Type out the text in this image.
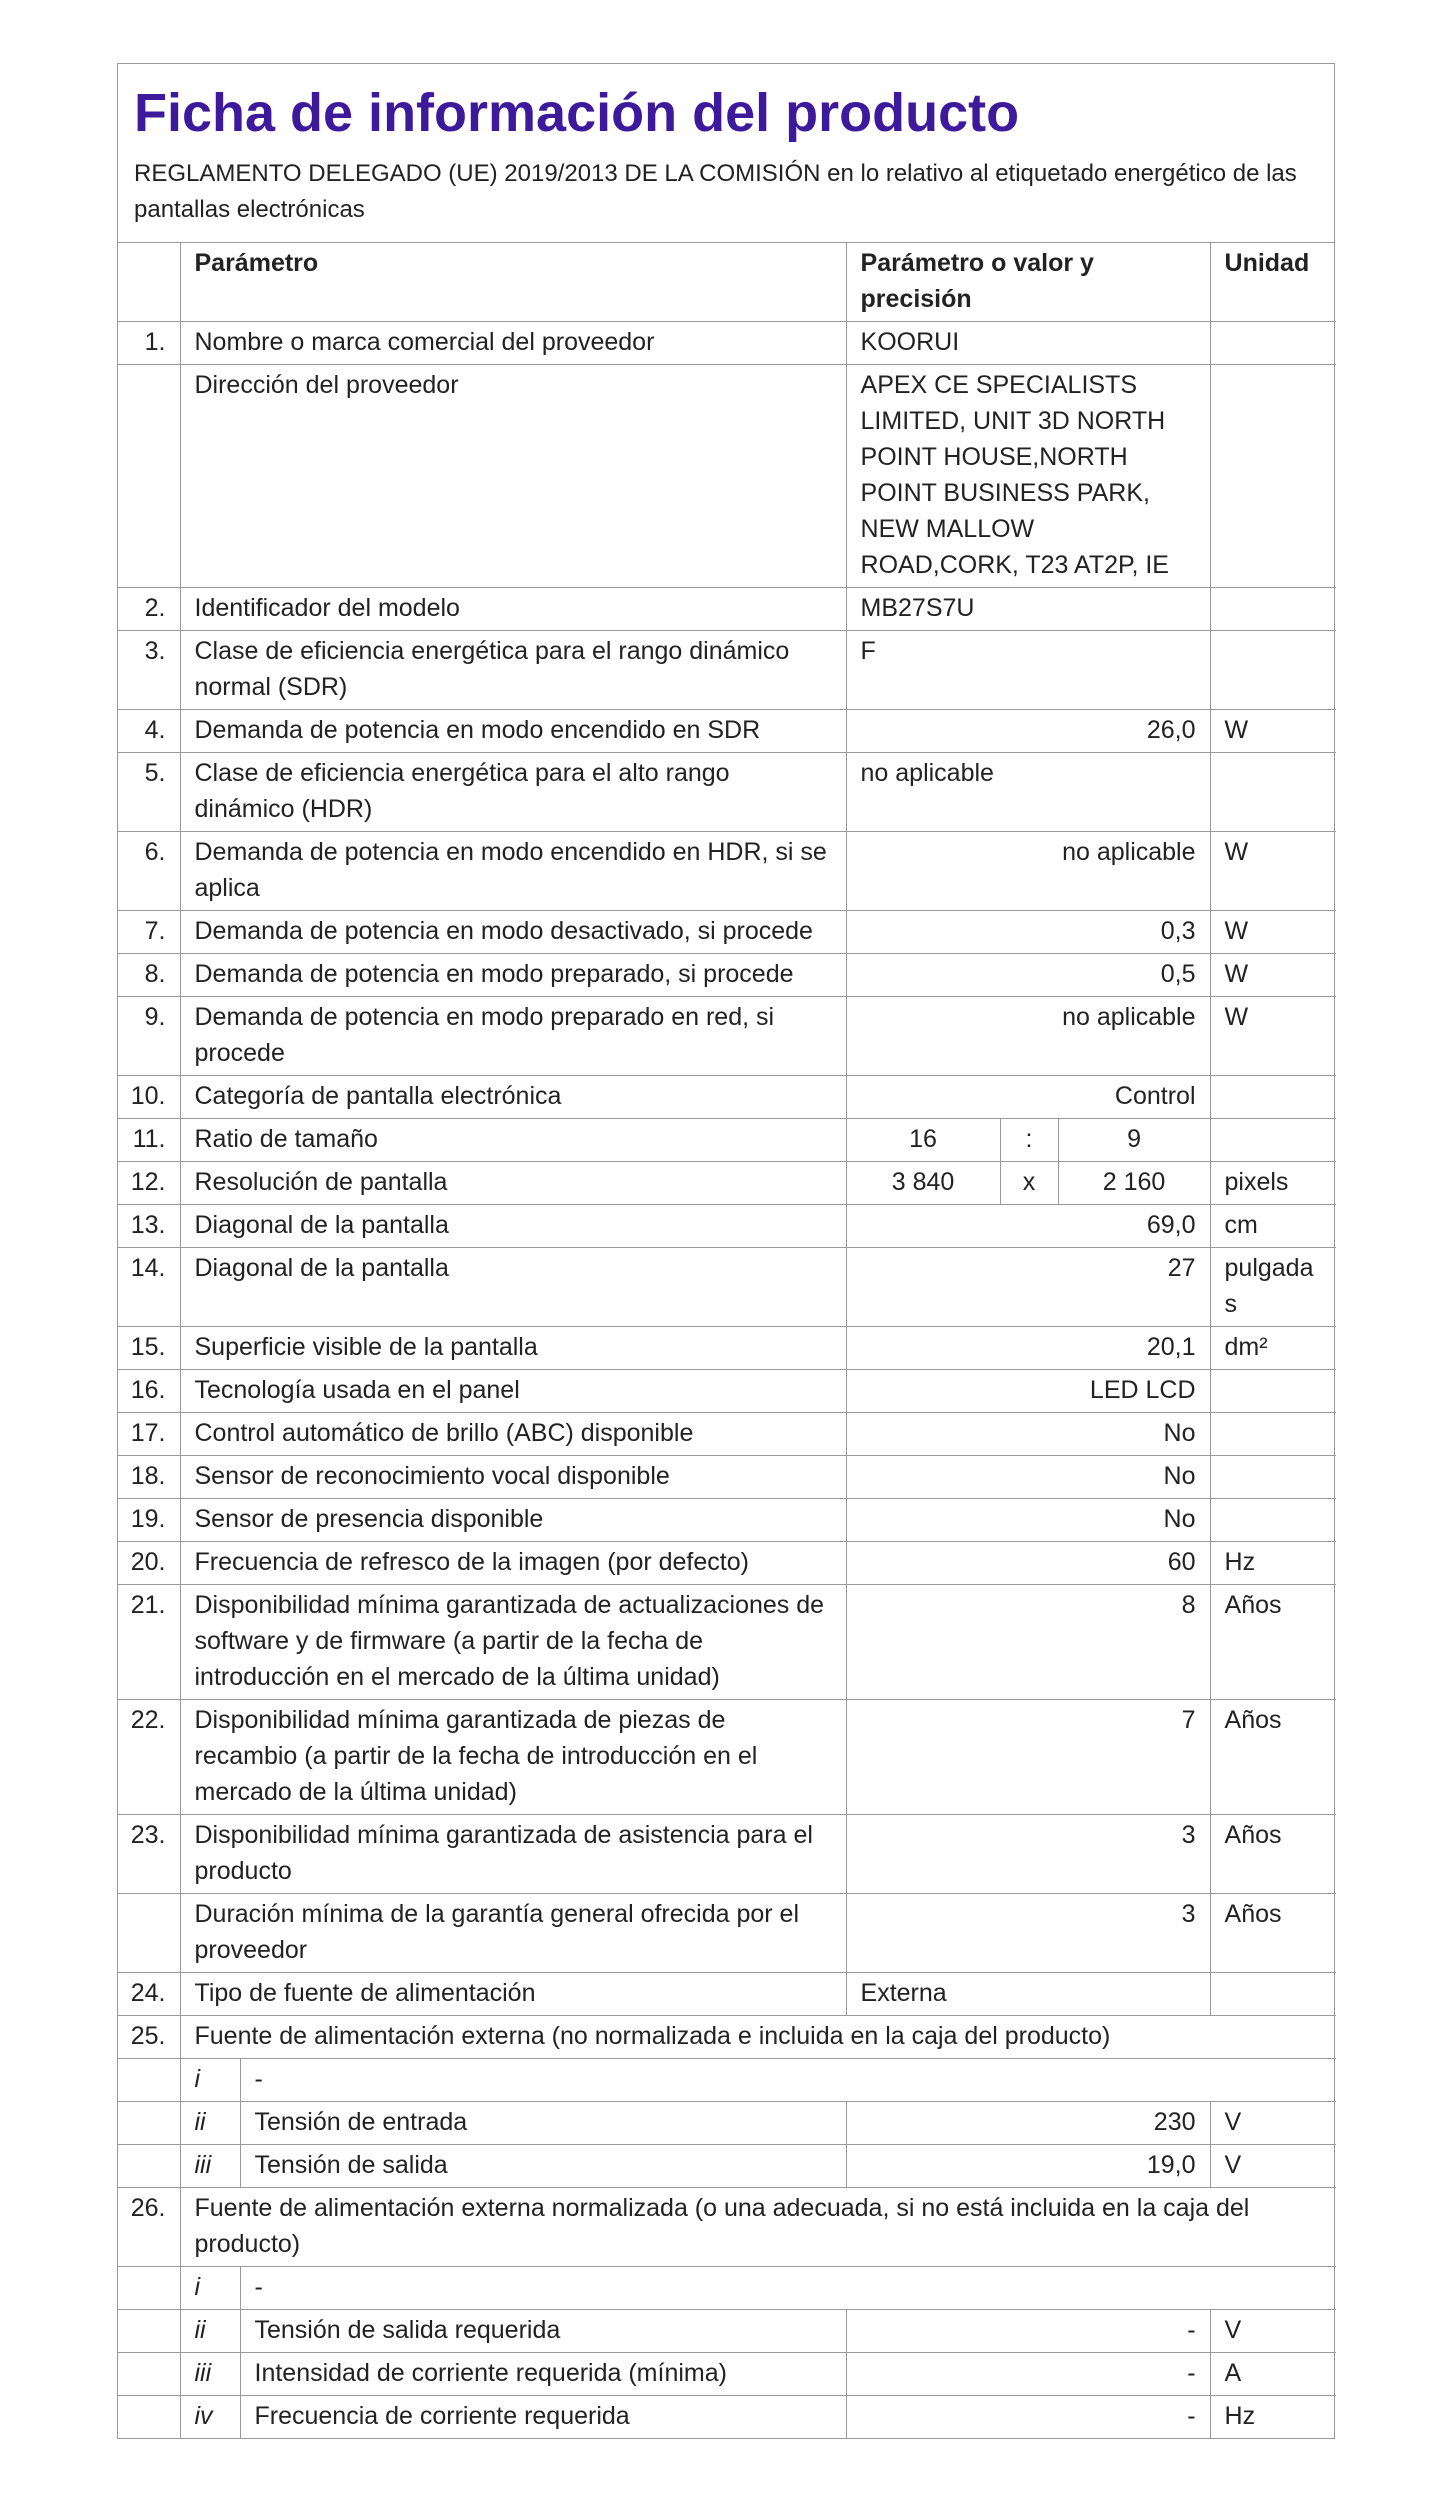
Ficha de información del producto
REGLAMENTO DELEGADO (UE) 2019/2013 DE LA COMISIÓN en lo relativo al etiquetado energético de las pantallas electrónicas
	Parámetro		Parámetro o valor y precisión			Unidad
1.	Nombre o marca comercial del proveedor		KOORUI			
	Dirección del proveedor		APEX CE SPECIALISTS LIMITED, UNIT 3D NORTH POINT HOUSE,NORTH POINT BUSINESS PARK, NEW MALLOW ROAD,CORK, T23 AT2P, IE			
2.	Identificador del modelo		MB27S7U			
3.	Clase de eficiencia energética para el rango dinámico normal (SDR)		F			
4.	Demanda de potencia en modo encendido en SDR		26,0			W
5.	Clase de eficiencia energética para el alto rango dinámico (HDR)		no aplicable			
6.	Demanda de potencia en modo encendido en HDR, si se aplica		no aplicable			W
7.	Demanda de potencia en modo desactivado, si procede		0,3			W
8.	Demanda de potencia en modo preparado, si procede		0,5			W
9.	Demanda de potencia en modo preparado en red, si procede		no aplicable			W
10.	Categoría de pantalla electrónica		Control			
11.	Ratio de tamaño		16	:	9	
12.	Resolución de pantalla		3 840	x	2 160	pixels
13.	Diagonal de la pantalla		69,0			cm
14.	Diagonal de la pantalla		27			pulgadas
15.	Superficie visible de la pantalla		20,1			dm²
16.	Tecnología usada en el panel		LED LCD			
17.	Control automático de brillo (ABC) disponible		No			
18.	Sensor de reconocimiento vocal disponible		No			
19.	Sensor de presencia disponible		No			
20.	Frecuencia de refresco de la imagen (por defecto)		60			Hz
21.	Disponibilidad mínima garantizada de actualizaciones de software y de firmware (a partir de la fecha de introducción en el mercado de la última unidad)		8			Años
22.	Disponibilidad mínima garantizada de piezas de recambio (a partir de la fecha de introducción en el mercado de la última unidad)		7			Años
23.	Disponibilidad mínima garantizada de asistencia para el producto		3			Años
	Duración mínima de la garantía general ofrecida por el proveedor		3			Años
24.	Tipo de fuente de alimentación		Externa			
25.	Fuente de alimentación externa (no normalizada e incluida en la caja del producto)					
	i	-				
	ii	Tensión de entrada	230			V
	iii	Tensión de salida	19,0			V
26.	Fuente de alimentación externa normalizada (o una adecuada, si no está incluida en la caja del producto)					
	i	-				
	ii	Tensión de salida requerida	-			V
	iii	Intensidad de corriente requerida (mínima)	-			A
	iv	Frecuencia de corriente requerida	-			Hz
